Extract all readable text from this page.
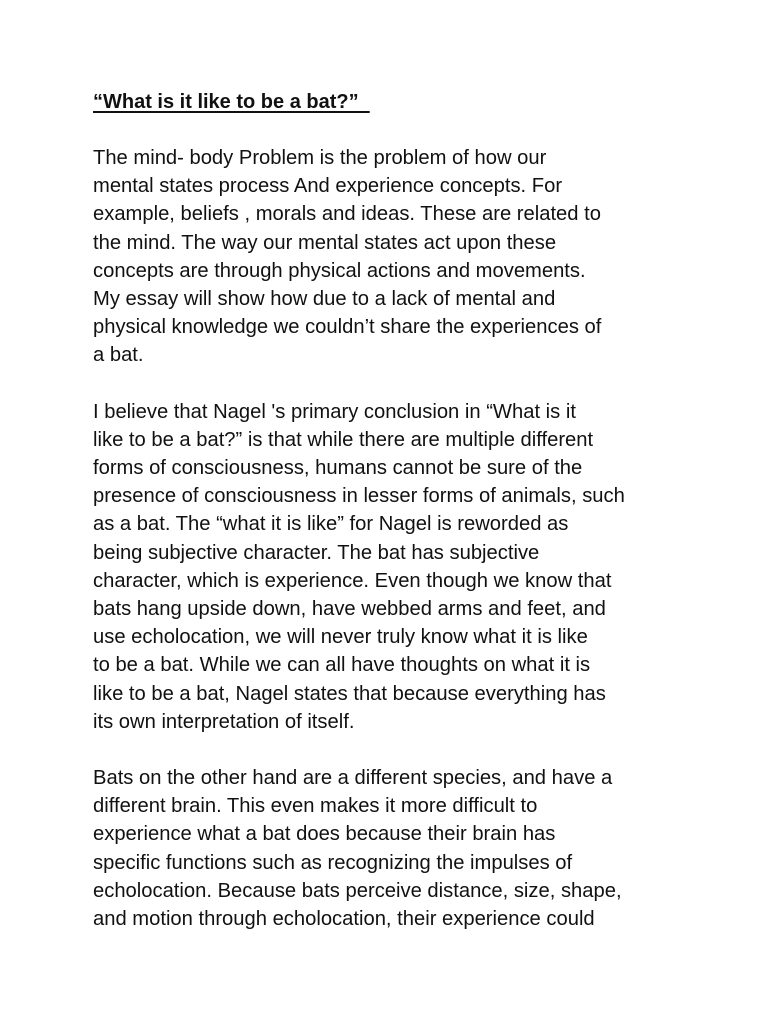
“What is it like to be a bat?”

The mind- body Problem is the problem of how our
mental states process And experience concepts. For
example, beliefs , morals and ideas. These are related to
the mind. The way our mental states act upon these
concepts are through physical actions and movements.
My essay will show how due to a lack of mental and
physical knowledge we couldn’t share the experiences of
a bat.

I believe that Nagel 's primary conclusion in “What is it
like to be a bat?” is that while there are multiple different
forms of consciousness, humans cannot be sure of the
presence of consciousness in lesser forms of animals, such
as a bat. The “what it is like” for Nagel is reworded as
being subjective character. The bat has subjective
character, which is experience. Even though we know that
bats hang upside down, have webbed arms and feet, and
use echolocation, we will never truly know what it is like
to be a bat. While we can all have thoughts on what it is
like to be a bat, Nagel states that because everything has
its own interpretation of itself.

Bats on the other hand are a different species, and have a
different brain. This even makes it more difficult to
experience what a bat does because their brain has
specific functions such as recognizing the impulses of
echolocation. Because bats perceive distance, size, shape,
and motion through echolocation, their experience could
